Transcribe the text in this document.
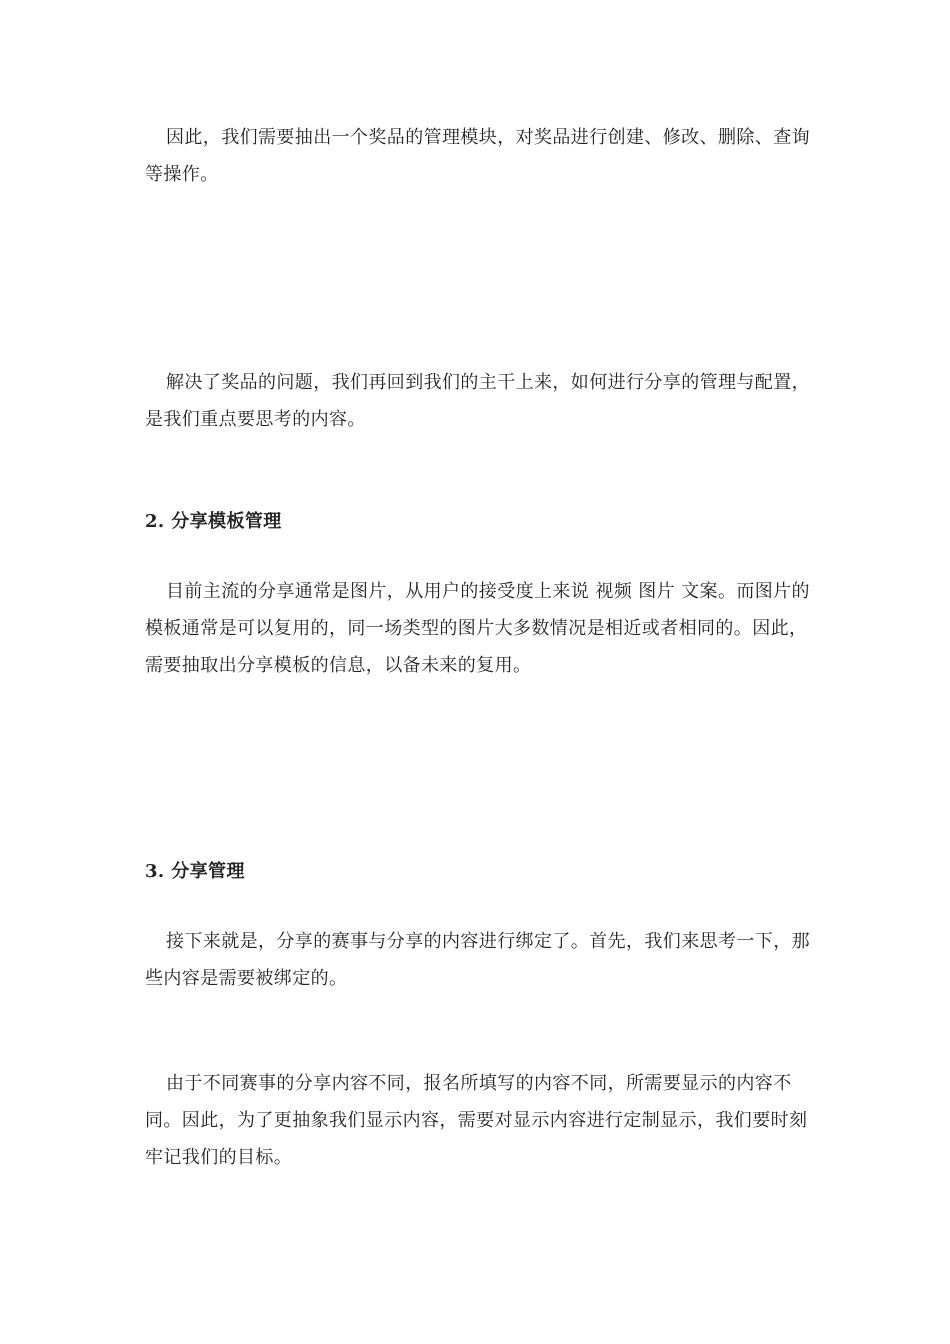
因此，我们需要抽出一个奖品的管理模块，对奖品进行创建、修改、删除、查询等操作。

解决了奖品的问题，我们再回到我们的主干上来，如何进行分享的管理与配置，是我们重点要思考的内容。

2. 分享模板管理

目前主流的分享通常是图片，从用户的接受度上来说 视频 图片 文案。而图片的模板通常是可以复用的，同一场类型的图片大多数情况是相近或者相同的。因此，需要抽取出分享模板的信息，以备未来的复用。

3. 分享管理

接下来就是，分享的赛事与分享的内容进行绑定了。首先，我们来思考一下，那些内容是需要被绑定的。

由于不同赛事的分享内容不同，报名所填写的内容不同，所需要显示的内容不同。因此，为了更抽象我们显示内容，需要对显示内容进行定制显示，我们要时刻牢记我们的目标。
